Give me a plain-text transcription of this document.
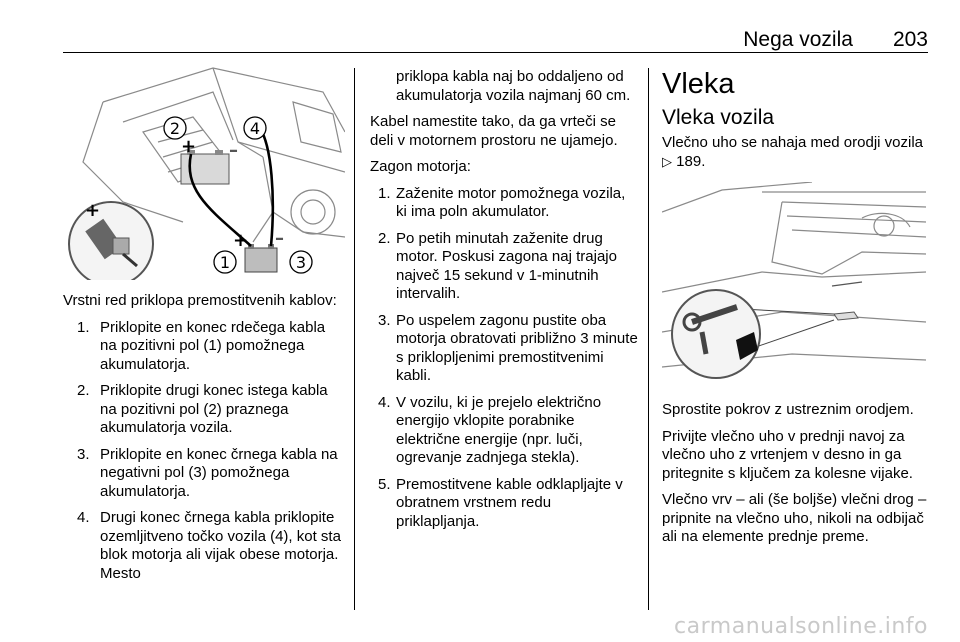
Nega vozila 203
+
+ –
+ –
2	4
1	3

Vrstni red priklopa premostitvenih kablov:

1. Priklopite en konec rdečega kabla na pozitivni pol (1) pomožnega akumulatorja.
2. Priklopite drugi konec istega kabla na pozitivni pol (2) praznega akumulatorja vozila.
3. Priklopite en konec črnega kabla na negativni pol (3) pomožnega akumulatorja.
4. Drugi konec črnega kabla priklopite ozemljitveno točko vozila (4), kot sta blok motorja ali vijak obese motorja. Mesto

priklopa kabla naj bo oddaljeno od akumulatorja vozila najmanj 60 cm.

Kabel namestite tako, da ga vrteči se deli v motornem prostoru ne ujamejo.

Zagon motorja:

1. Zaženite motor pomožnega vozila, ki ima poln akumulator.
2. Po petih minutah zaženite drug motor. Poskusi zagona naj trajajo največ 15 sekund v 1-minutnih intervalih.
3. Po uspelem zagonu pustite oba motorja obratovati približno 3 minute s priklopljenimi premostitvenimi kabli.
4. V vozilu, ki je prejelo električno energijo vklopite porabnike električne energije (npr. luči, ogrevanje zadnjega stekla).
5. Premostitvene kable odklapljajte v obratnem vrstnem redu priklapljanja.
Vleka
Vleka vozila

Vlečno uho se nahaja med orodji vozila ▷ 189.

Sprostite pokrov z ustreznim orodjem.

Privijte vlečno uho v prednji navoj za vlečno uho z vrtenjem v desno in ga pritegnite s ključem za kolesne vijake.

Vlečno vrv – ali (še boljše) vlečni drog – pripnite na vlečno uho, nikoli na odbijač ali na elemente prednje preme.

carmanualsonline.info
